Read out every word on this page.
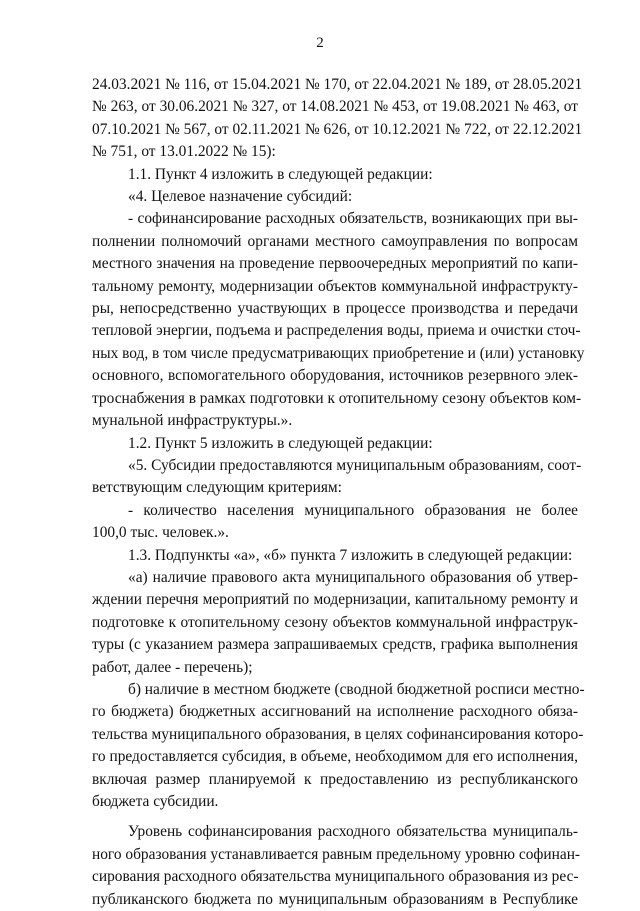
2
24.03.2021 № 116, от 15.04.2021 № 170, от 22.04.2021 № 189, от 28.05.2021
№ 263, от 30.06.2021 № 327, от 14.08.2021 № 453, от 19.08.2021 № 463, от
07.10.2021 № 567, от 02.11.2021 № 626, от 10.12.2021 № 722, от 22.12.2021
№ 751, от 13.01.2022 № 15):
1.1. Пункт 4 изложить в следующей редакции:
«4. Целевое назначение субсидий:
- софинансирование расходных обязательств, возникающих при вы-
полнении полномочий органами местного самоуправления по вопросам
местного значения на проведение первоочередных мероприятий по капи-
тальному ремонту, модернизации объектов коммунальной инфраструкту-
ры, непосредственно участвующих в процессе производства и передачи
тепловой энергии, подъема и распределения воды, приема и очистки сточ-
ных вод, в том числе предусматривающих приобретение и (или) установку
основного, вспомогательного оборудования, источников резервного элек-
троснабжения в рамках подготовки к отопительному сезону объектов ком-
мунальной инфраструктуры.».
1.2. Пункт 5 изложить в следующей редакции:
«5. Субсидии предоставляются муниципальным образованиям, соот-
ветствующим следующим критериям:
- количество населения муниципального образования не более
100,0 тыс. человек.».
1.3. Подпункты «а», «б» пункта 7 изложить в следующей редакции:
«а) наличие правового акта муниципального образования об утвер-
ждении перечня мероприятий по модернизации, капитальному ремонту и
подготовке к отопительному сезону объектов коммунальной инфраструк-
туры (с указанием размера запрашиваемых средств, графика выполнения
работ, далее - перечень);
б) наличие в местном бюджете (сводной бюджетной росписи местно-
го бюджета) бюджетных ассигнований на исполнение расходного обяза-
тельства муниципального образования, в целях софинансирования которо-
го предоставляется субсидия, в объеме, необходимом для его исполнения,
включая размер планируемой к предоставлению из республиканского
бюджета субсидии.
Уровень софинансирования расходного обязательства муниципаль-
ного образования устанавливается равным предельному уровню софинан-
сирования расходного обязательства муниципального образования из рес-
публиканского бюджета по муниципальным образованиям в Республике
